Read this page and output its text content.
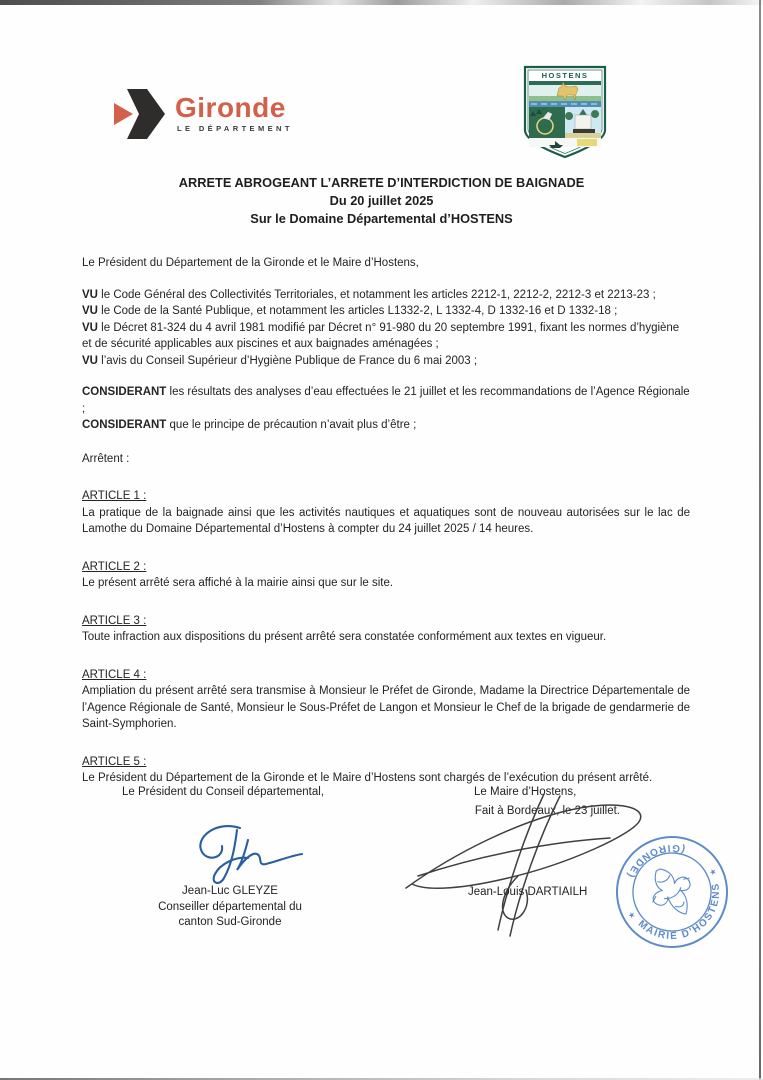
Gironde
LE DÉPARTEMENT
HOSTENS
ARRETE ABROGEANT L’ARRETE D’INTERDICTION DE BAIGNADE
Du 20 juillet 2025
Sur le Domaine Départemental d’HOSTENS

Le Président du Département de la Gironde et le Maire d’Hostens,

VU le Code Général des Collectivités Territoriales, et notamment les articles 2212-1, 2212-2, 2212-3 et 2213-23 ;

VU le Code de la Santé Publique, et notamment les articles L1332-2, L 1332-4, D 1332-16 et D 1332-18 ;

VU le Décret 81-324 du 4 avril 1981 modifié par Décret n° 91-980 du 20 septembre 1991, fixant les normes d’hygiène et de sécurité applicables aux piscines et aux baignades aménagées ;

VU l’avis du Conseil Supérieur d’Hygiène Publique de France du 6 mai 2003 ;

CONSIDERANT les résultats des analyses d’eau effectuées le 21 juillet et les recommandations de l’Agence Régionale ;

CONSIDERANT que le principe de précaution n’avait plus d’être ;

Arrêtent :

ARTICLE 1 :

La pratique de la baignade ainsi que les activités nautiques et aquatiques sont de nouveau autorisées sur le lac de Lamothe du Domaine Départemental d’Hostens à compter du 24 juillet 2025 / 14 heures.

ARTICLE 2 :

Le présent arrêté sera affiché à la mairie ainsi que sur le site.

ARTICLE 3 :

Toute infraction aux dispositions du présent arrêté sera constatée conformément aux textes en vigueur.

ARTICLE 4 :

Ampliation du présent arrêté sera transmise à Monsieur le Préfet de Gironde, Madame la Directrice Départementale de l’Agence Régionale de Santé, Monsieur le Sous-Préfet de Langon et Monsieur le Chef de la brigade de gendarmerie de Saint-Symphorien.

ARTICLE 5 :

Le Président du Département de la Gironde et le Maire d’Hostens sont chargés de l’exécution du présent arrêté.

Fait à Bordeaux, le 23 juillet.

Le Président du Conseil départemental,	Le Maire d’Hostens,
Jean-Luc GLEYZE
Conseiller départemental du
canton Sud-Gironde
Jean-Louis DARTIAILH
MAIRIE D’HOSTENS
(GIRONDE)
★
★
